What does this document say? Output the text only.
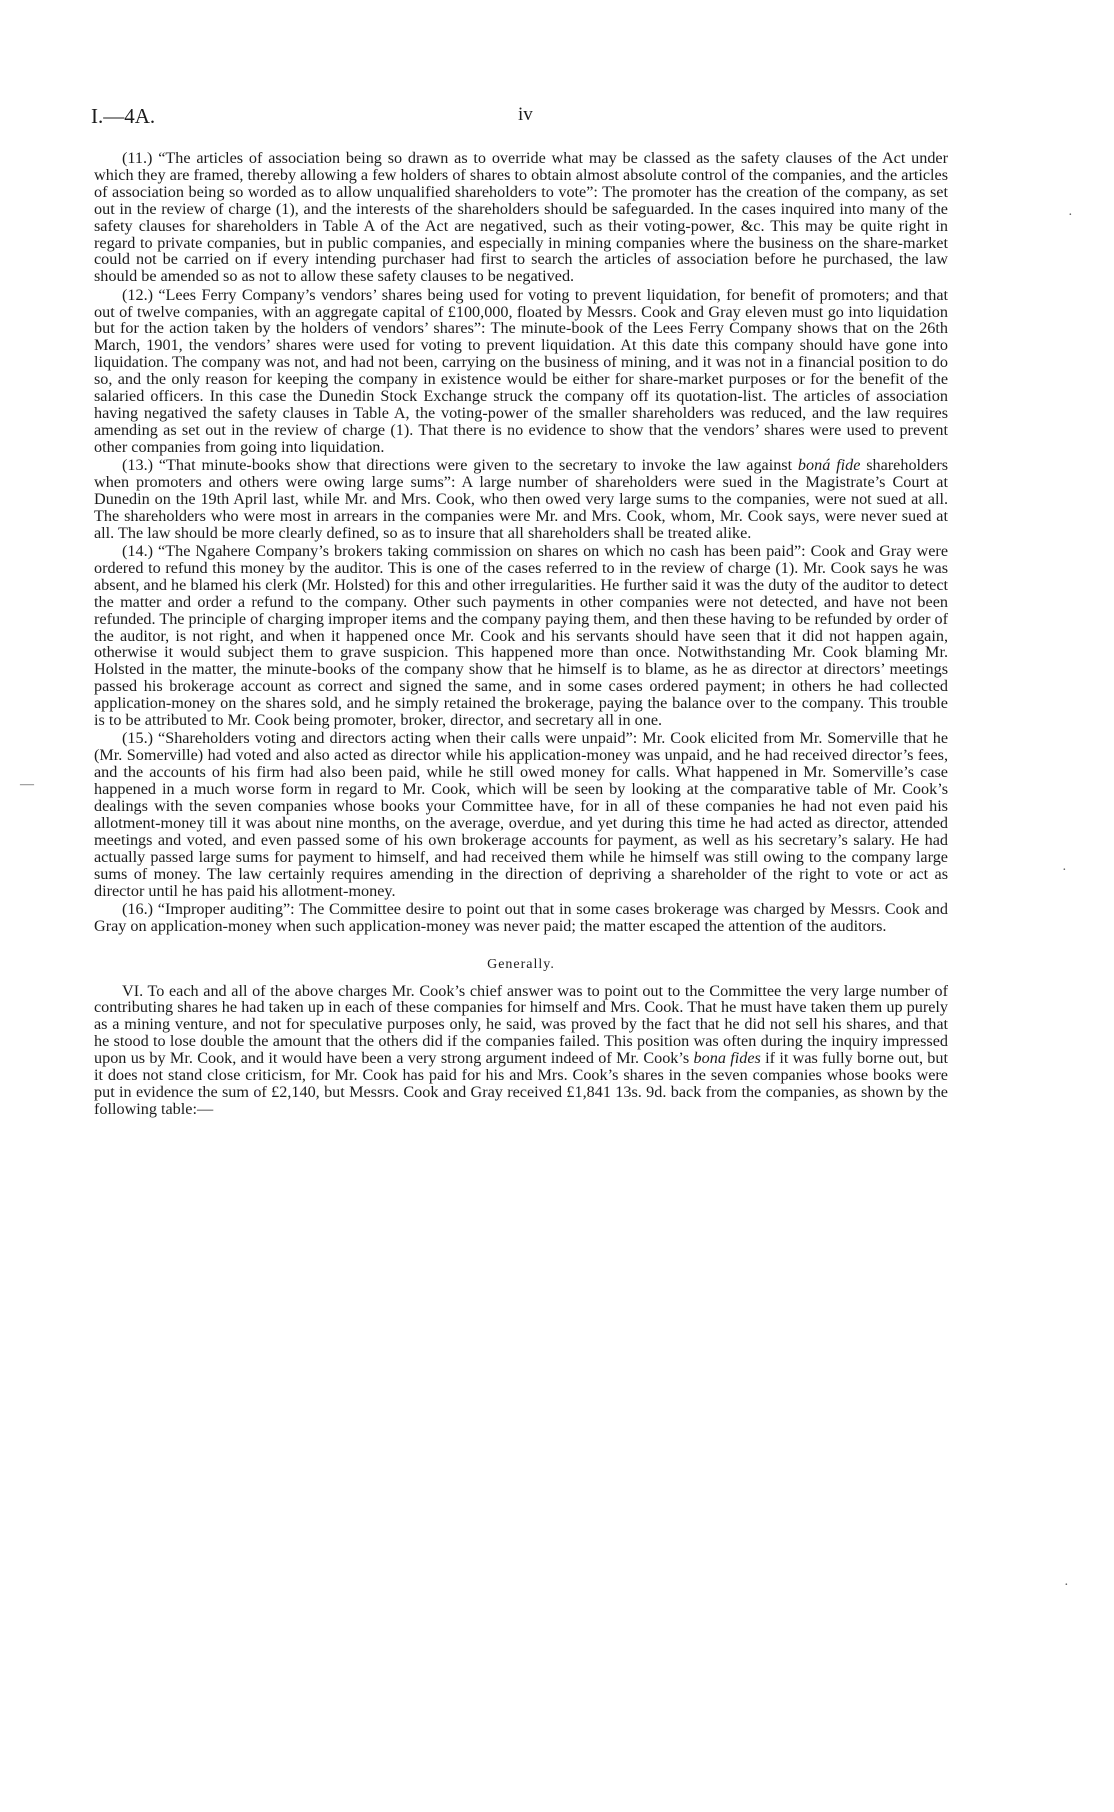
I.—4A.	iv
·
—
·
·

(11.) “The articles of association being so drawn as to override what may be classed as the safety clauses of the Act under which they are framed, thereby allowing a few holders of shares to obtain almost absolute control of the companies, and the articles of association being so worded as to allow unqualified shareholders to vote”: The promoter has the creation of the company, as set out in the review of charge (1), and the interests of the shareholders should be safeguarded. In the cases inquired into many of the safety clauses for shareholders in Table A of the Act are negatived, such as their voting-power, &c. This may be quite right in regard to private companies, but in public companies, and especially in mining companies where the business on the share-market could not be carried on if every intending purchaser had first to search the articles of association before he purchased, the law should be amended so as not to allow these safety clauses to be negatived.

(12.) “Lees Ferry Company’s vendors’ shares being used for voting to prevent liquidation, for benefit of promoters; and that out of twelve companies, with an aggregate capital of £100,000, floated by Messrs. Cook and Gray eleven must go into liquidation but for the action taken by the holders of vendors’ shares”: The minute-book of the Lees Ferry Company shows that on the 26th March, 1901, the vendors’ shares were used for voting to prevent liquidation. At this date this company should have gone into liquidation. The company was not, and had not been, carrying on the business of mining, and it was not in a financial position to do so, and the only reason for keeping the company in existence would be either for share-market purposes or for the benefit of the salaried officers. In this case the Dunedin Stock Exchange struck the company off its quotation-list. The articles of association having negatived the safety clauses in Table A, the voting-power of the smaller shareholders was reduced, and the law requires amending as set out in the review of charge (1). That there is no evidence to show that the vendors’ shares were used to prevent other companies from going into liquidation.

(13.) “That minute-books show that directions were given to the secretary to invoke the law against boná fide shareholders when promoters and others were owing large sums”: A large number of shareholders were sued in the Magistrate’s Court at Dunedin on the 19th April last, while Mr. and Mrs. Cook, who then owed very large sums to the companies, were not sued at all. The shareholders who were most in arrears in the companies were Mr. and Mrs. Cook, whom, Mr. Cook says, were never sued at all. The law should be more clearly defined, so as to insure that all shareholders shall be treated alike.

(14.) “The Ngahere Company’s brokers taking commission on shares on which no cash has been paid”: Cook and Gray were ordered to refund this money by the auditor. This is one of the cases referred to in the review of charge (1). Mr. Cook says he was absent, and he blamed his clerk (Mr. Holsted) for this and other irregularities. He further said it was the duty of the auditor to detect the matter and order a refund to the company. Other such payments in other companies were not detected, and have not been refunded. The principle of charging improper items and the company paying them, and then these having to be refunded by order of the auditor, is not right, and when it happened once Mr. Cook and his servants should have seen that it did not happen again, otherwise it would subject them to grave suspicion. This happened more than once. Notwithstanding Mr. Cook blaming Mr. Holsted in the matter, the minute-books of the company show that he himself is to blame, as he as director at directors’ meetings passed his brokerage account as correct and signed the same, and in some cases ordered payment; in others he had collected application-money on the shares sold, and he simply retained the brokerage, paying the balance over to the company. This trouble is to be attributed to Mr. Cook being promoter, broker, director, and secretary all in one.

(15.) “Shareholders voting and directors acting when their calls were unpaid”: Mr. Cook elicited from Mr. Somerville that he (Mr. Somerville) had voted and also acted as director while his application-money was unpaid, and he had received director’s fees, and the accounts of his firm had also been paid, while he still owed money for calls. What happened in Mr. Somerville’s case happened in a much worse form in regard to Mr. Cook, which will be seen by looking at the comparative table of Mr. Cook’s dealings with the seven companies whose books your Committee have, for in all of these companies he had not even paid his allotment-money till it was about nine months, on the average, overdue, and yet during this time he had acted as director, attended meetings and voted, and even passed some of his own brokerage accounts for payment, as well as his secretary’s salary. He had actually passed large sums for payment to himself, and had received them while he himself was still owing to the company large sums of money. The law certainly requires amending in the direction of depriving a shareholder of the right to vote or act as director until he has paid his allotment-money.

(16.) “Improper auditing”: The Committee desire to point out that in some cases brokerage was charged by Messrs. Cook and Gray on application-money when such application-money was never paid; the matter escaped the attention of the auditors.

Generally.

VI. To each and all of the above charges Mr. Cook’s chief answer was to point out to the Committee the very large number of contributing shares he had taken up in each of these companies for himself and Mrs. Cook. That he must have taken them up purely as a mining venture, and not for speculative purposes only, he said, was proved by the fact that he did not sell his shares, and that he stood to lose double the amount that the others did if the companies failed. This position was often during the inquiry impressed upon us by Mr. Cook, and it would have been a very strong argument indeed of Mr. Cook’s bona fides if it was fully borne out, but it does not stand close criticism, for Mr. Cook has paid for his and Mrs. Cook’s shares in the seven companies whose books were put in evidence the sum of £2,140, but Messrs. Cook and Gray received £1,841 13s. 9d. back from the companies, as shown by the following table:—
